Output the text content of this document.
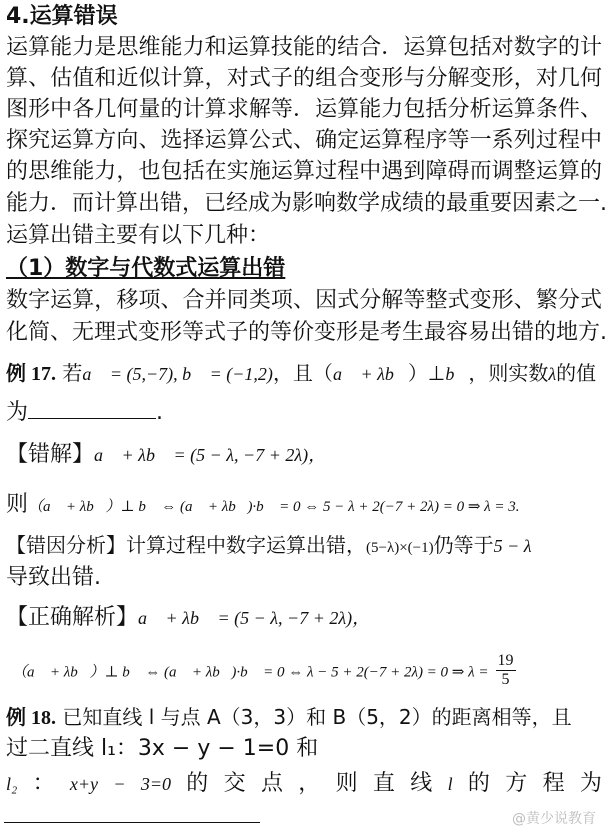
4.运算错误
运算能力是思维能力和运算技能的结合．运算包括对数字的计
算、估值和近似计算，对式子的组合变形与分解变形，对几何
图形中各几何量的计算求解等．运算能力包括分析运算条件、
探究运算方向、选择运算公式、确定运算程序等一系列过程中
的思维能力，也包括在实施运算过程中遇到障碍而调整运算的
能力．而计算出错，已经成为影响数学成绩的最重要因素之一.
运算出错主要有以下几种：
（1）数字与代数式运算出错
数字运算，移项、合并同类项、因式分解等整式变形、繁分式
化简、无理式变形等式子的等价变形是考生最容易出错的地方.
例 17. 若a⃗ = (5,−7), b⃗ = (−1,2)，且（a⃗ + λb⃗）⊥b⃗，则实数λ的值
为	.
【错解】a⃗ + λb⃗ = (5 − λ, −7 + 2λ)，
则（a⃗ + λb⃗）⊥ b⃗ ⇔ (a⃗ + λb⃗)·b⃗ = 0 ⇔ 5 − λ + 2(−7 + 2λ) = 0 ⇒ λ = 3.
【错因分析】计算过程中数字运算出错，(5−λ)×(−1)仍等于5 − λ
导致出错.
【正确解析】a⃗ + λb⃗ = (5 − λ, −7 + 2λ)，
（a⃗ + λb⃗）⊥ b⃗ ⇔ (a⃗ + λb⃗)·b⃗ = 0 ⇔ λ − 5 + 2(−7 + 2λ) = 0 ⇒ $\lambda = \frac{19}{5}$
例 18. 已知直线 l 与点 A（3，3）和 B（5，2）的距离相等，且
过二直线 l₁：3x − y − 1=0 和
l₂ ： x+y − 3=0 的 交 点 ， 则 直 线 l 的 方 程 为
@黄少说教育
